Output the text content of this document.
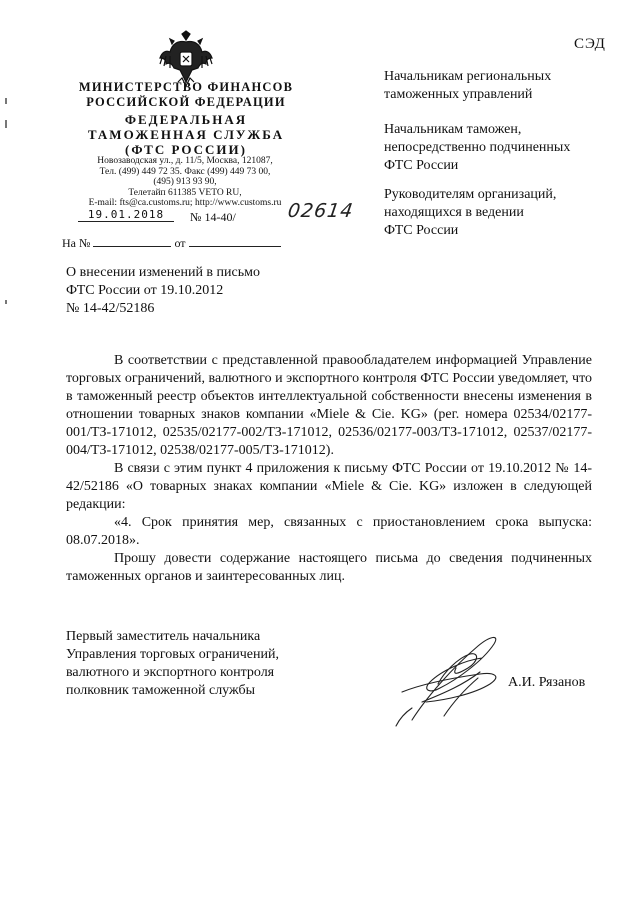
СЭД
МИНИСТЕРСТВО ФИНАНСОВ
РОССИЙСКОЙ ФЕДЕРАЦИИ
ФЕДЕРАЛЬНАЯ
ТАМОЖЕННАЯ СЛУЖБА
(ФТС РОССИИ)
Новозаводская ул., д. 11/5, Москва, 121087,
Тел. (499) 449 72 35. Факс (499) 449 73 00,
(495) 913 93 90,
Телетайп 611385 VETO RU,
E-mail: fts@ca.customs.ru; http://www.customs.ru
19.01.2018	№ 14-40/	02614
На №	от
Начальникам региональных
таможенных управлений
Начальникам таможен,
непосредственно подчиненных
ФТС России
Руководителям организаций,
находящихся в ведении
ФТС России
О внесении изменений в письмо
ФТС России от 19.10.2012
№ 14-42/52186

В соответствии с представленной правообладателем информацией Управление торговых ограничений, валютного и экспортного контроля ФТС России уведомляет, что в таможенный реестр объектов интеллектуальной собственности внесены изменения в отношении товарных знаков компании «Miele & Cie. KG» (рег. номера 02534/02177-001/ТЗ-171012, 02535/02177-002/ТЗ-171012, 02536/02177-003/ТЗ-171012, 02537/02177-004/ТЗ-171012, 02538/02177-005/ТЗ-171012).

В связи с этим пункт 4 приложения к письму ФТС России от 19.10.2012 № 14-42/52186 «О товарных знаках компании «Miele & Cie. KG» изложен в следующей редакции:

«4. Срок принятия мер, связанных с приостановлением срока выпуска: 08.07.2018».

Прошу довести содержание настоящего письма до сведения подчиненных таможенных органов и заинтересованных лиц.

Первый заместитель начальника
Управления торговых ограничений,
валютного и экспортного контроля
полковник таможенной службы
А.И. Рязанов
